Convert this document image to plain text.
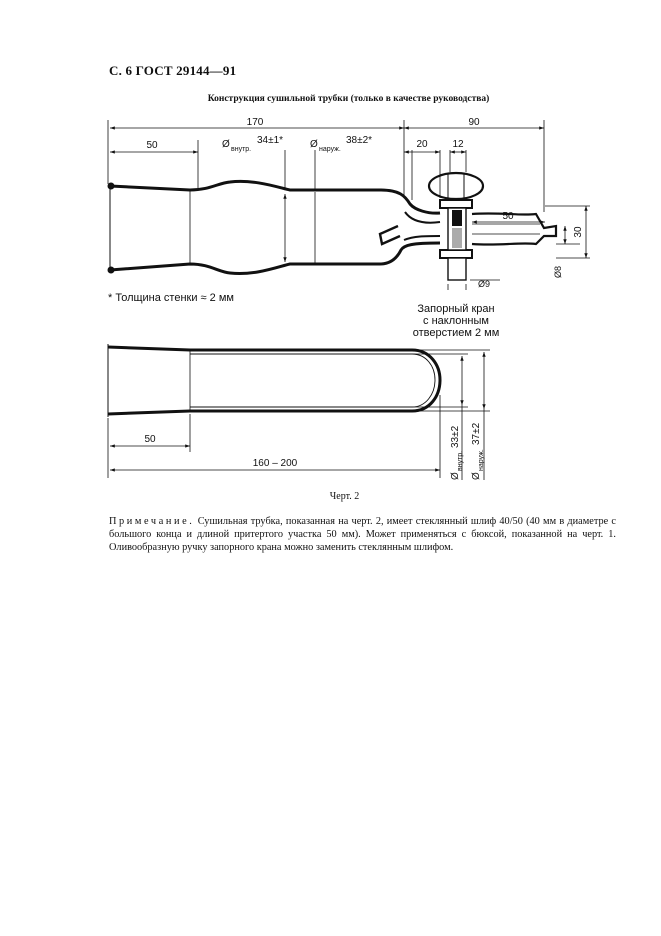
С. 6 ГОСТ 29144—91
Конструкция сушильной трубки (только в качестве руководства)
170	90
50	Ø внутр.
34±1*	Ø наруж.
38±2*	20 12
50
30
Ø8
Ø9
* Толщина стенки ≈ 2 мм
Запорный кран
с наклонным
отверстием 2 мм
50
160 – 200
Ø
внутр.
33±2
Ø
наруж.
37±2
Черт. 2
Примечание. Сушильная трубка, показанная на черт. 2, имеет стеклянный шлиф 40/50 (40 мм в диаметре с большого конца и длиной притертого участка 50 мм). Может применяться с бюксой, показанной на черт. 1. Оливообразную ручку запорного крана можно заменить стеклянным шлифом.
